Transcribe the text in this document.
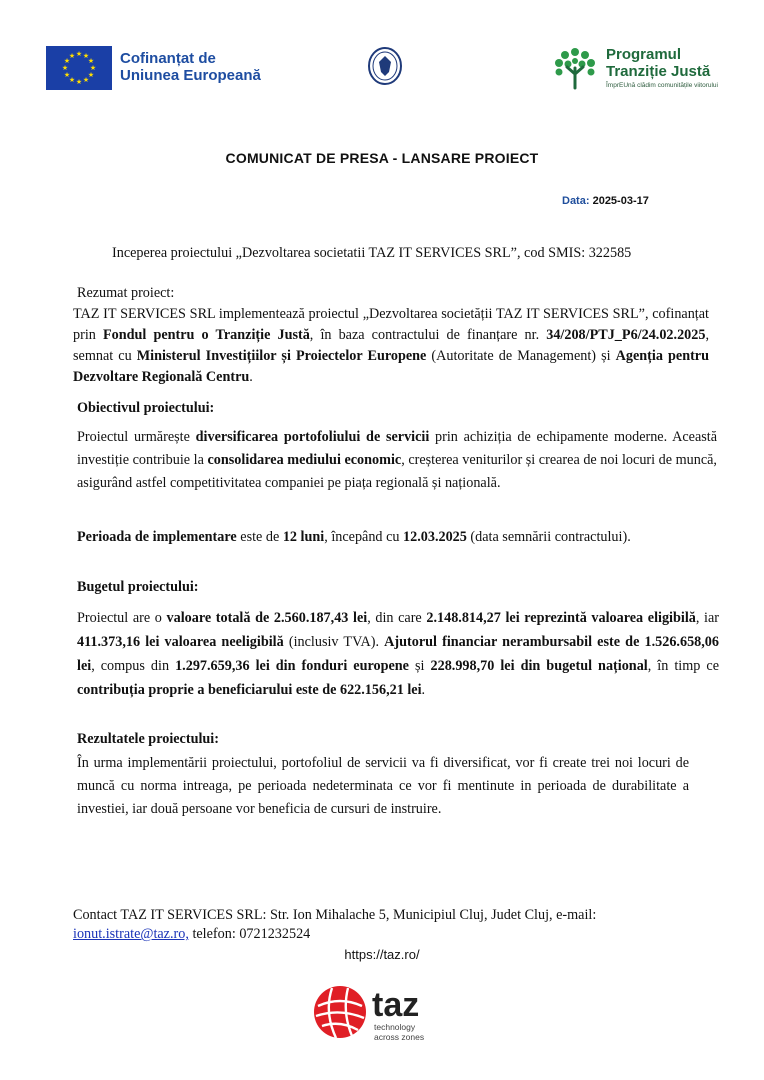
★ ★
★
★
★
★
★
★
★
★
★
★	Cofinanțat de
Uniunea Europeană
Programul
Tranziție Justă
ÎmprEUnă clădim comunitățile viitorului
COMUNICAT DE PRESA - LANSARE PROIECT
Data: 2025-03-17
Inceperea proiectului „Dezvoltarea societatii TAZ IT SERVICES SRL”, cod SMIS: 322585
Rezumat proiect:
TAZ IT SERVICES SRL implementează proiectul „Dezvoltarea societății TAZ IT SERVICES SRL”, cofinanțat prin Fondul pentru o Tranziție Justă, în baza contractului de finanțare nr. 34/208/PTJ_P6/24.02.2025, semnat cu Ministerul Investițiilor și Proiectelor Europene (Autoritate de Management) și Agenția pentru Dezvoltare Regională Centru.
Obiectivul proiectului:
Proiectul urmărește diversificarea portofoliului de servicii prin achiziția de echipamente moderne. Această investiție contribuie la consolidarea mediului economic, creșterea veniturilor și crearea de noi locuri de muncă, asigurând astfel competitivitatea companiei pe piața regională și națională.
Perioada de implementare este de 12 luni, începând cu 12.03.2025 (data semnării contractului).
Bugetul proiectului:
Proiectul are o valoare totală de 2.560.187,43 lei, din care 2.148.814,27 lei reprezintă valoarea eligibilă, iar 411.373,16 lei valoarea neeligibilă (inclusiv TVA). Ajutorul financiar nerambursabil este de 1.526.658,06 lei, compus din 1.297.659,36 lei din fonduri europene și 228.998,70 lei din bugetul național, în timp ce contribuția proprie a beneficiarului este de 622.156,21 lei.
Rezultatele proiectului:
În urma implementării proiectului, portofoliul de servicii va fi diversificat, vor fi create trei noi locuri de muncă cu norma intreaga, pe perioada nedeterminata ce vor fi mentinute in perioada de durabilitate a investiei, iar două persoane vor beneficia de cursuri de instruire.
Contact TAZ IT SERVICES SRL: Str. Ion Mihalache 5, Municipiul Cluj, Judet Cluj, e-mail: ionut.istrate@taz.ro, telefon: 0721232524
https://taz.ro/
taz
technology
across zones
